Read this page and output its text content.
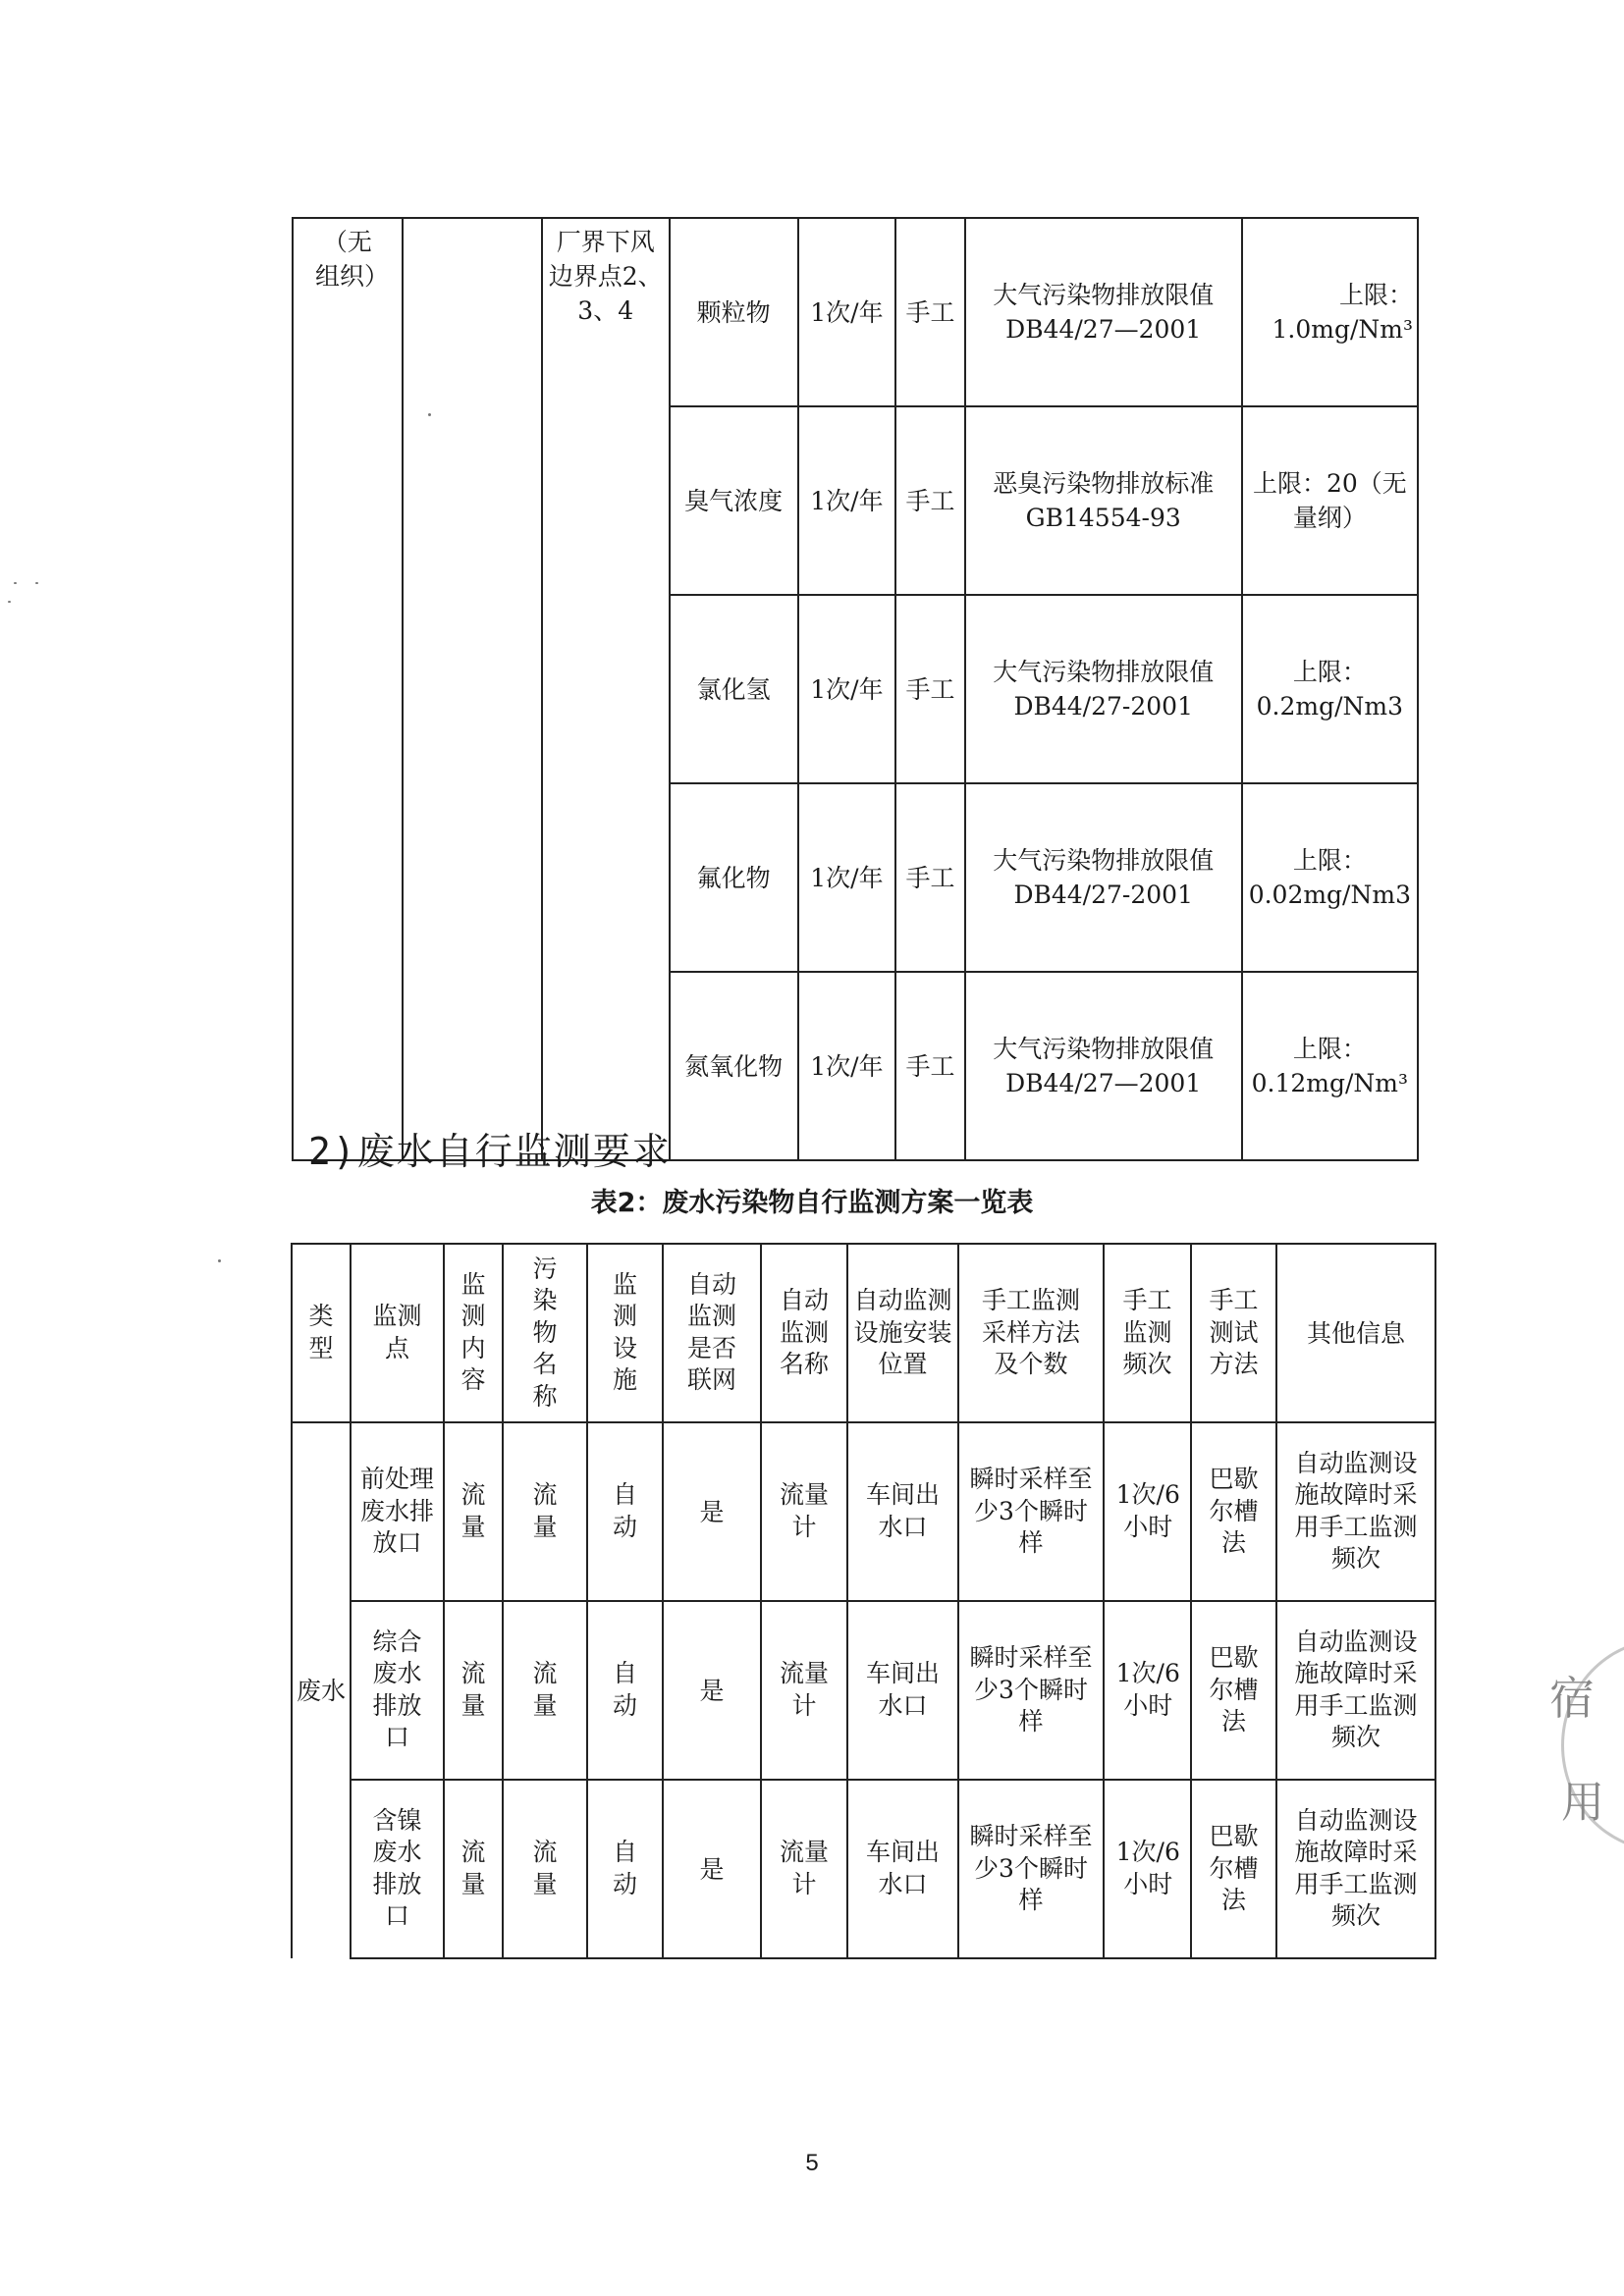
（无组织）		厂界下风边界点2、3、4	颗粒物	1次/年	手工	大气污染物排放限值DB44/27—2001	上限：1.0mg/Nm³
			臭气浓度	1次/年	手工	恶臭污染物排放标准GB14554-93	上限：20（无量纲）
			氯化氢	1次/年	手工	大气污染物排放限值DB44/27-2001	上限：0.2mg/Nm3
			氟化物	1次/年	手工	大气污染物排放限值DB44/27-2001	上限：0.02mg/Nm3
			氮氧化物	1次/年	手工	大气污染物排放限值DB44/27—2001	上限：0.12mg/Nm³
2)废水自行监测要求
表2：废水污染物自行监测方案一览表
类型	监测点	监测内容	污染物名称	监测设施	自动监测是否联网	自动监测名称	自动监测设施安装位置	手工监测采样方法及个数	手工监测频次	手工测试方法	其他信息
废水	前处理废水排放口	流量	流量	自动	是	流量计	车间出水口	瞬时采样至少3个瞬时样	1次/6小时	巴歇尔槽法	自动监测设施故障时采用手工监测频次
	综合废水排放口	流量	流量	自动	是	流量计	车间出水口	瞬时采样至少3个瞬时样	1次/6小时	巴歇尔槽法	自动监测设施故障时采用手工监测频次
	含镍废水排放口	流量	流量	自动	是	流量计	车间出水口	瞬时采样至少3个瞬时样	1次/6小时	巴歇尔槽法	自动监测设施故障时采用手工监测频次
5
宿
用
